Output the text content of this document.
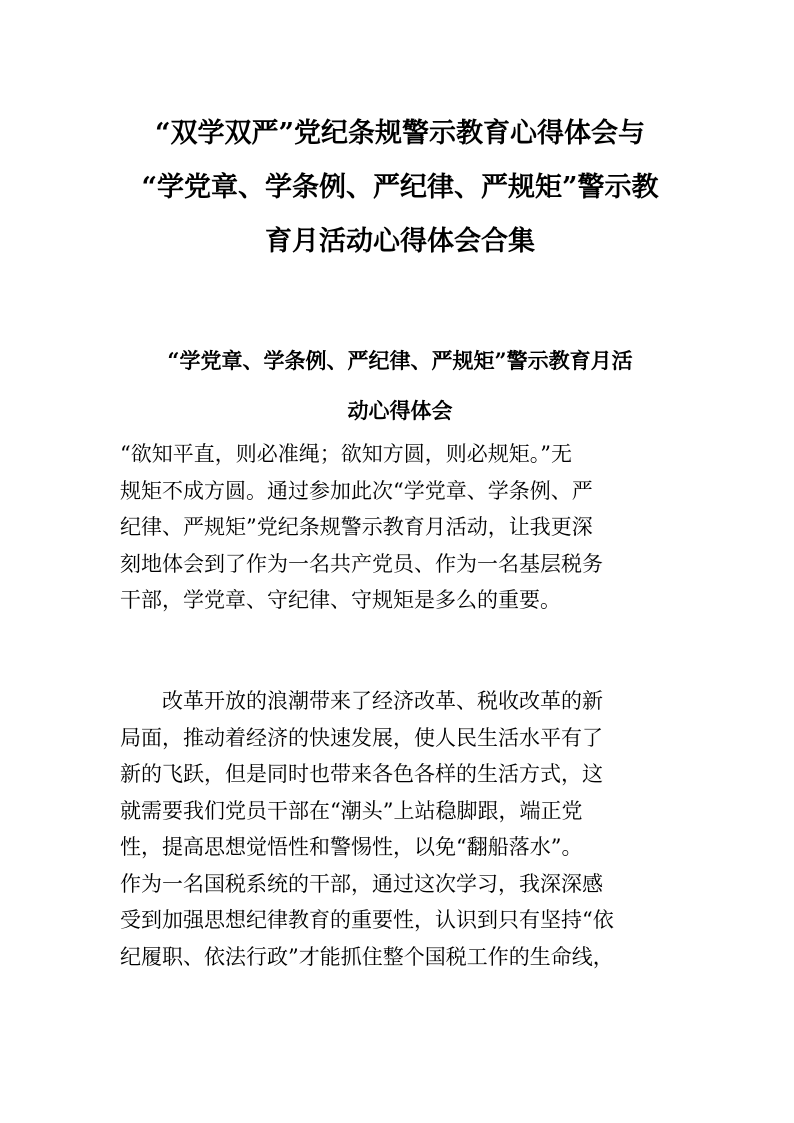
“双学双严”党纪条规警示教育心得体会与
“学党章、学条例、严纪律、严规矩”警示教
育月活动心得体会合集
“学党章、学条例、严纪律、严规矩”警示教育月活
动心得体会

“欲知平直，则必准绳；欲知方圆，则必规矩。”无
规矩不成方圆。通过参加此次“学党章、学条例、严
纪律、严规矩”党纪条规警示教育月活动，让我更深
刻地体会到了作为一名共产党员、作为一名基层税务
干部，学党章、守纪律、守规矩是多么的重要。

改革开放的浪潮带来了经济改革、税收改革的新
局面，推动着经济的快速发展，使人民生活水平有了
新的飞跃，但是同时也带来各色各样的生活方式，这
就需要我们党员干部在“潮头”上站稳脚跟，端正党
性，提高思想觉悟性和警惕性，以免“翻船落水”。
作为一名国税系统的干部，通过这次学习，我深深感
受到加强思想纪律教育的重要性，认识到只有坚持“依
纪履职、依法行政”才能抓住整个国税工作的生命线，
